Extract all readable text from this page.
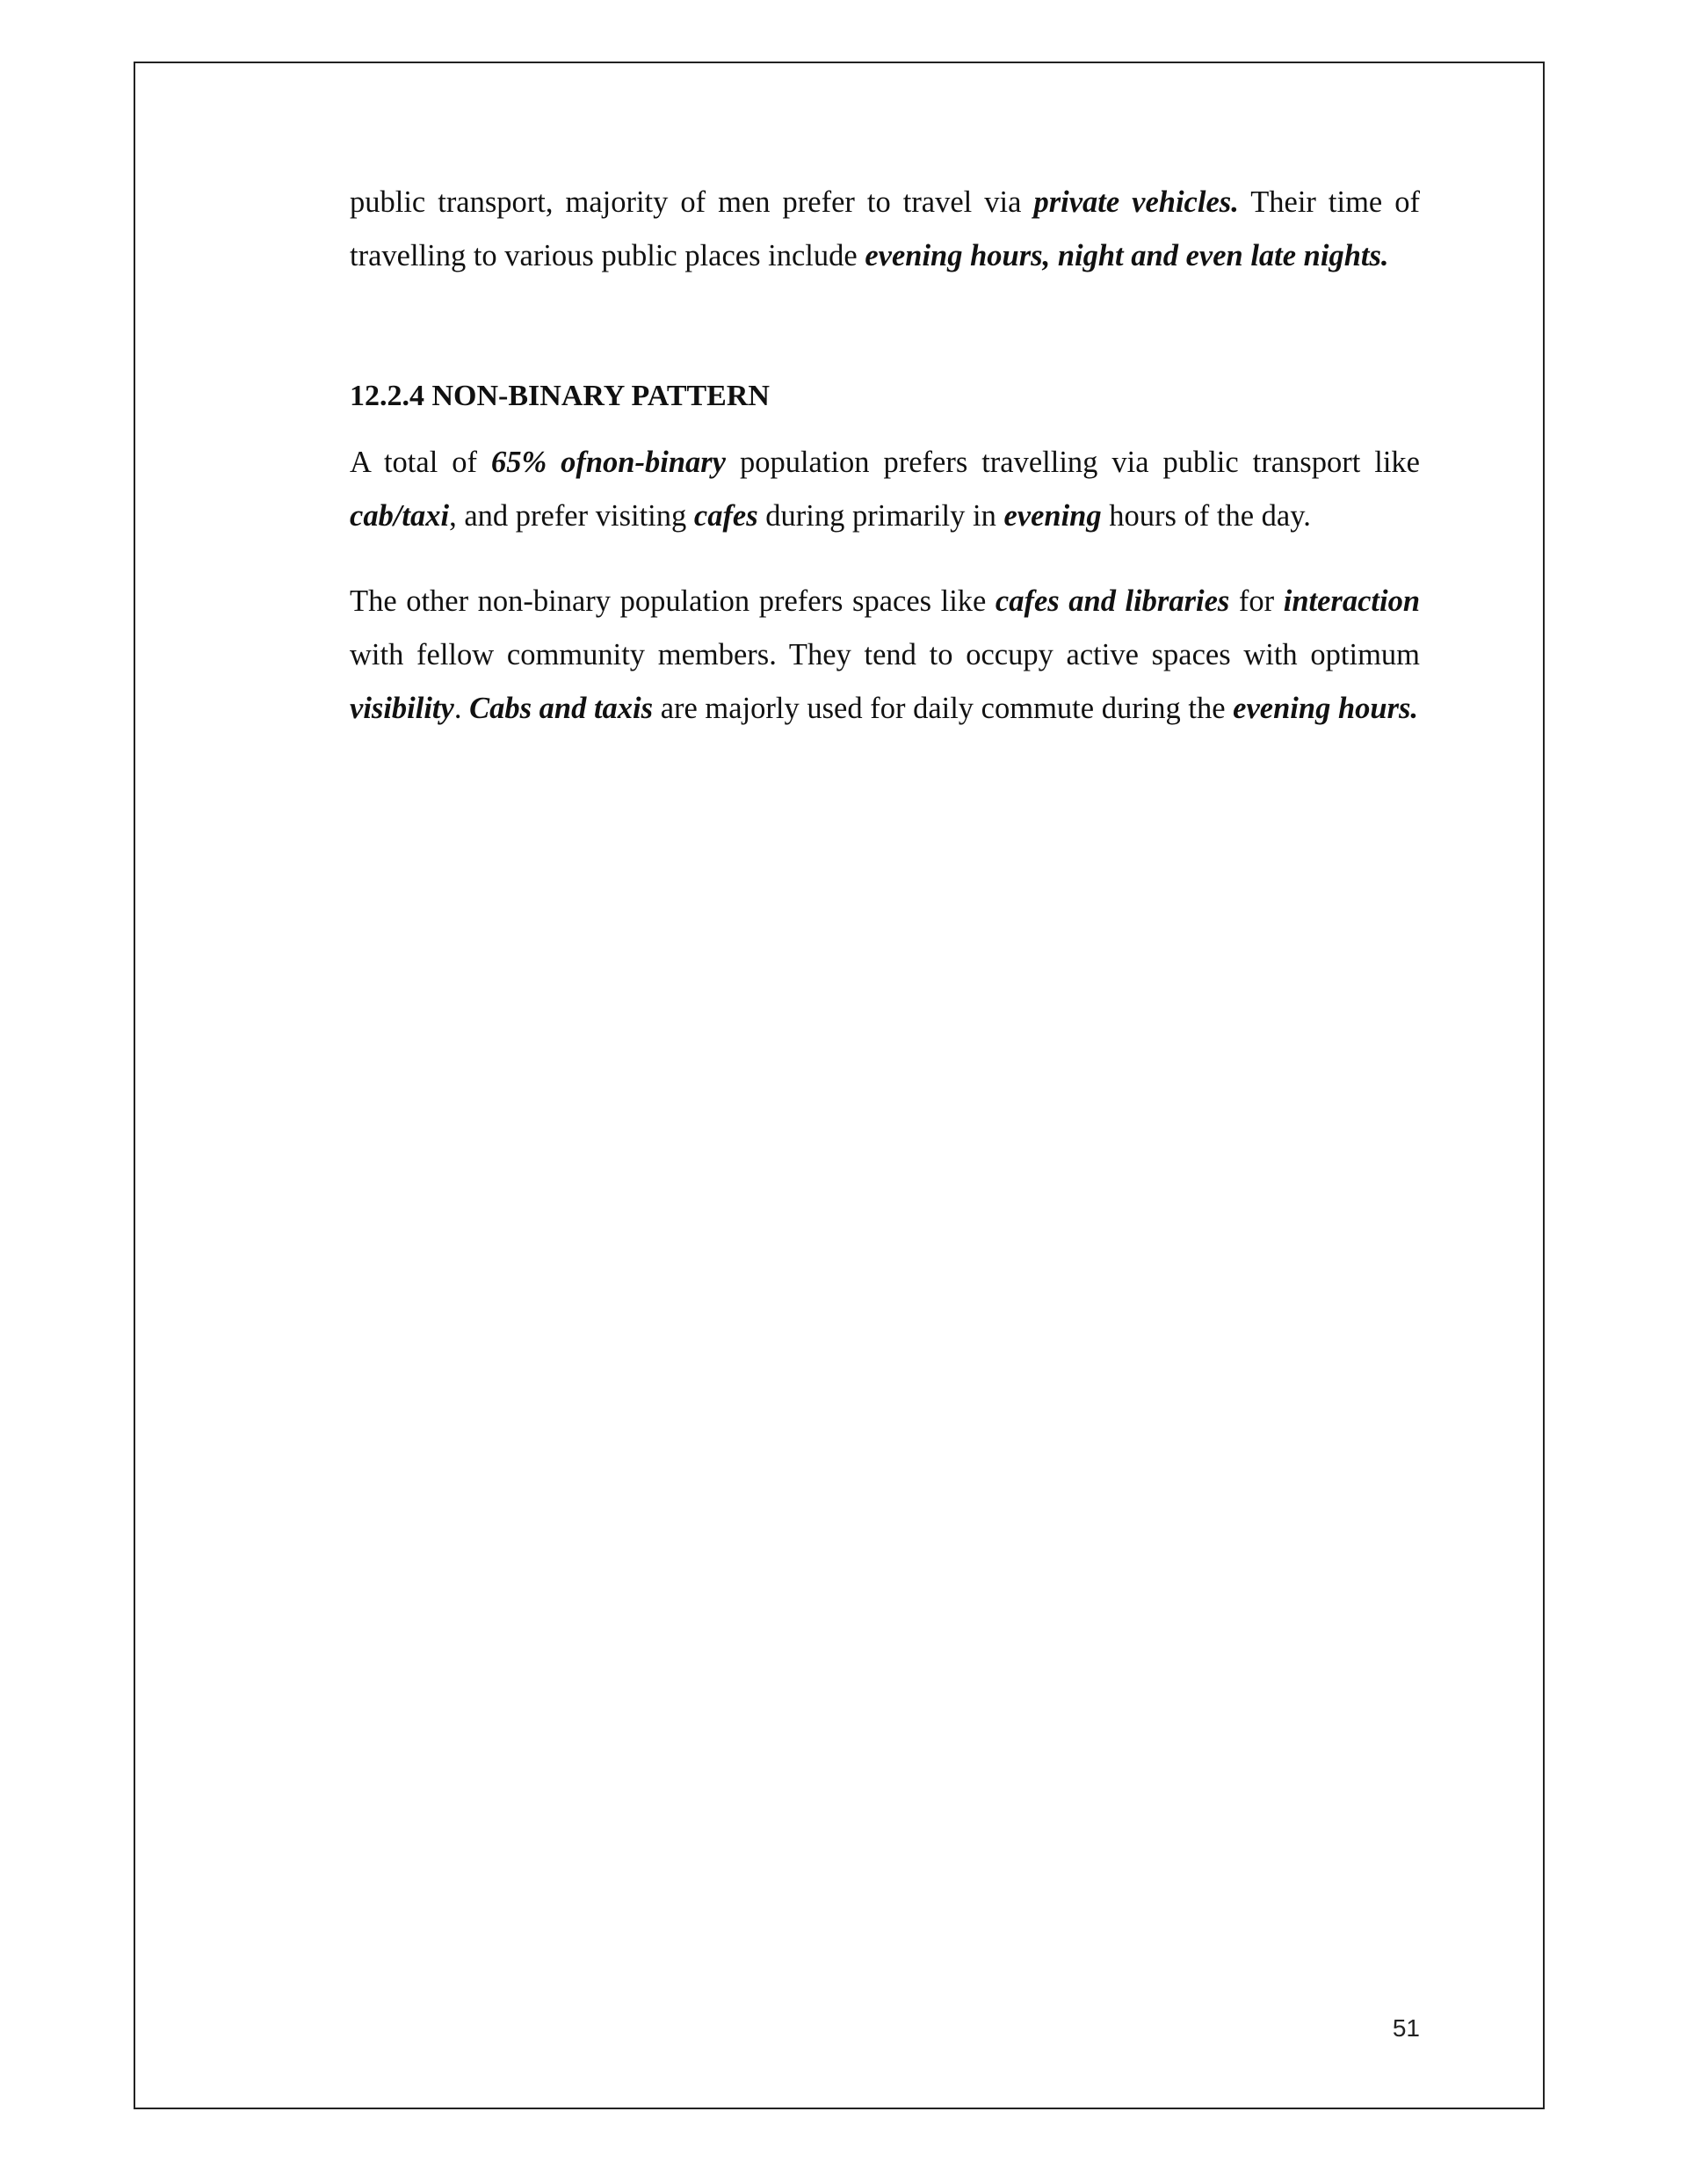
public transport, majority of men prefer to travel via private vehicles. Their time of travelling to various public places include evening hours, night and even late nights.

12.2.4 NON-BINARY PATTERN

A total of 65% ofnon-binary population prefers travelling via public transport like cab/taxi, and prefer visiting cafes during primarily in evening hours of the day.

The other non-binary population prefers spaces like cafes and libraries for interaction with fellow community members. They tend to occupy active spaces with optimum visibility. Cabs and taxis are majorly used for daily commute during the evening hours.

51
